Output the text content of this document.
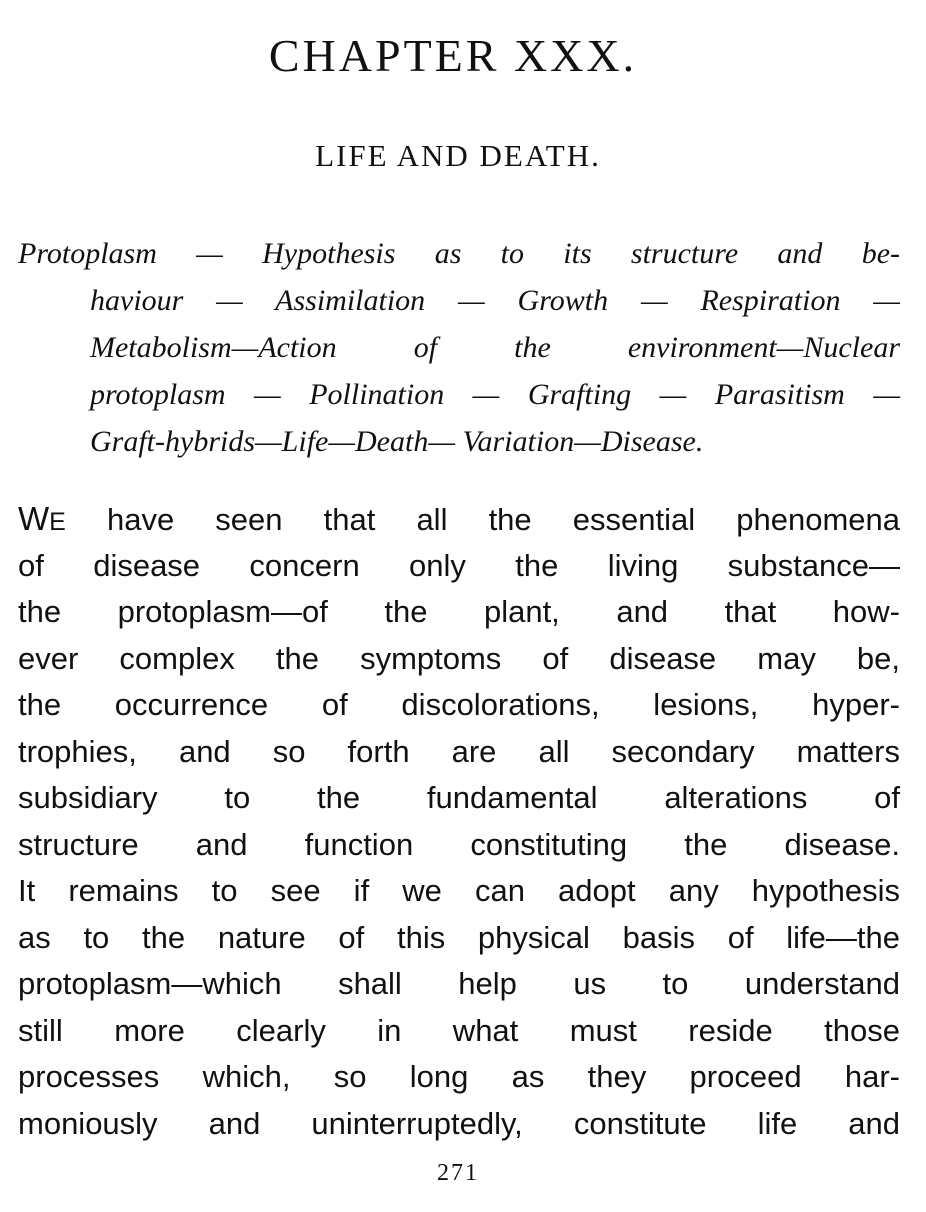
CHAPTER XXX.
LIFE AND DEATH.
Protoplasm — Hypothesis as to its structure and be-
haviour — Assimilation — Growth — Respiration —
Metabolism—Action of the environment—Nuclear
protoplasm — Pollination — Grafting — Parasitism —
Graft-hybrids—Life—Death— Variation—Disease.
WE have seen that all the essential phenomena
of disease concern only the living substance—
the protoplasm—of the plant, and that how-
ever complex the symptoms of disease may be,
the occurrence of discolorations, lesions, hyper-
trophies, and so forth are all secondary matters
subsidiary to the fundamental alterations of
structure and function constituting the disease.
It remains to see if we can adopt any hypothesis
as to the nature of this physical basis of life—the
protoplasm—which shall help us to understand
still more clearly in what must reside those
processes which, so long as they proceed har-
moniously and uninterruptedly, constitute life and
271
